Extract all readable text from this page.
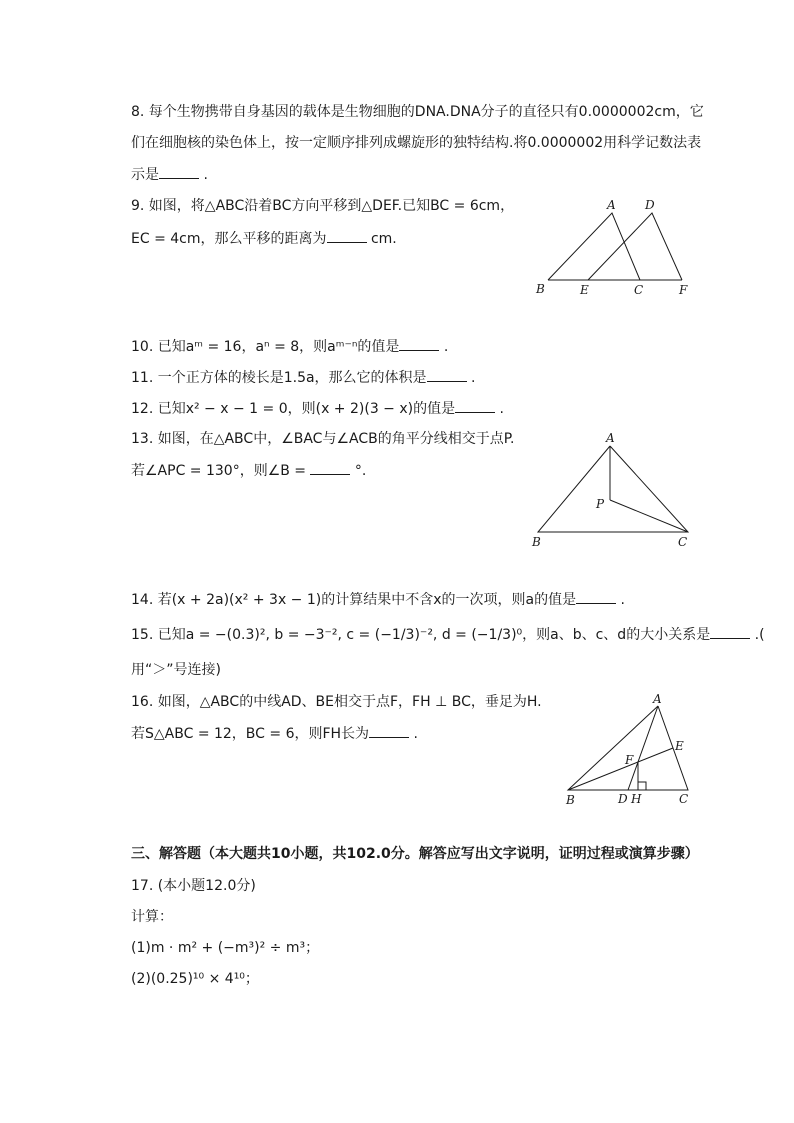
8. 每个生物携带自身基因的载体是生物细胞的DNA.DNA分子的直径只有0.0000002cm，它
们在细胞核的染色体上，按一定顺序排列成螺旋形的独特结构.将0.0000002用科学记数法表
示是	.
9. 如图，将△ABC沿着BC方向平移到△DEF.已知BC = 6cm，
EC = 4cm，那么平移的距离为	cm.
A D
B	E	C	F
10. 已知aᵐ = 16，aⁿ = 8，则aᵐ⁻ⁿ的值是	.
11. 一个正方体的棱长是1.5a，那么它的体积是	.
12. 已知x² − x − 1 = 0，则(x + 2)(3 − x)的值是	.
13. 如图，在△ABC中，∠BAC与∠ACB的角平分线相交于点P.
若∠APC = 130°，则∠B =	°.
A
P
B	C
14. 若(x + 2a)(x² + 3x − 1)的计算结果中不含x的一次项，则a的值是	.
15. 已知a = −(0.3)², b = −3⁻², c = (−1/3)⁻², d = (−1/3)⁰，则a、b、c、d的大小关系是	.(
用“＞”号连接)
16. 如图，△ABC的中线AD、BE相交于点F，FH ⊥ BC，垂足为H.
若S△ABC = 12，BC = 6，则FH长为	.
A
E
F
B	D H	C
三、解答题（本大题共10小题，共102.0分。解答应写出文字说明，证明过程或演算步骤）
17. (本小题12.0分)
计算：
(1)m · m² + (−m³)² ÷ m³；
(2)(0.25)¹⁰ × 4¹⁰；
